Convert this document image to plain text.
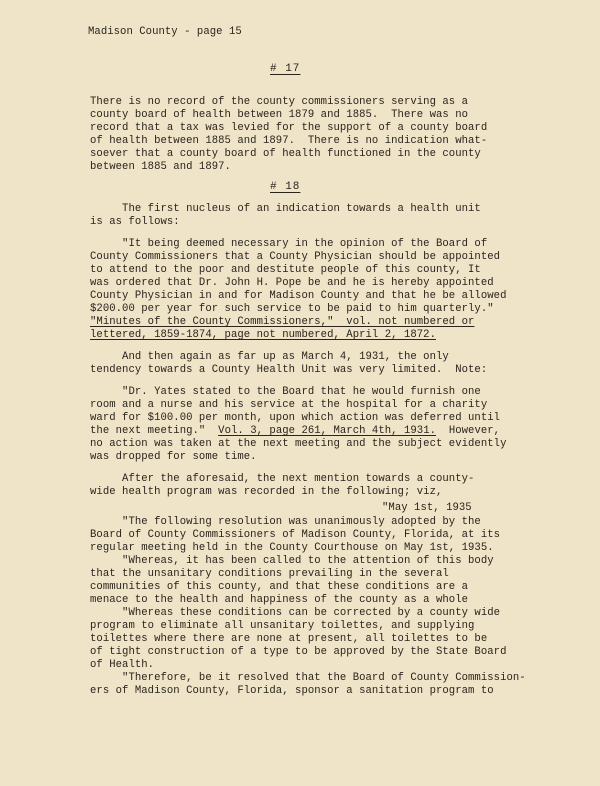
Madison County - page 15
# 17
There is no record of the county commissioners serving as a
county board of health between 1879 and 1885.  There was no
record that a tax was levied for the support of a county board
of health between 1885 and 1897.  There is no indication what-
soever that a county board of health functioned in the county
between 1885 and 1897.
# 18
The first nucleus of an indication towards a health unit
is as follows:
"It being deemed necessary in the opinion of the Board of
County Commissioners that a County Physician should be appointed
to attend to the poor and destitute people of this county, It
was ordered that Dr. John H. Pope be and he is hereby appointed
County Physician in and for Madison County and that he be allowed
$200.00 per year for such service to be paid to him quarterly."
"Minutes of the County Commissioners,"  vol. not numbered or
lettered, 1859-1874, page not numbered, April 2, 1872.
And then again as far up as March 4, 1931, the only
tendency towards a County Health Unit was very limited.  Note:
"Dr. Yates stated to the Board that he would furnish one
room and a nurse and his service at the hospital for a charity
ward for $100.00 per month, upon which action was deferred until
the next meeting."  Vol. 3, page 261, March 4th, 1931.  However,
no action was taken at the next meeting and the subject evidently
was dropped for some time.
After the aforesaid, the next mention towards a county-
wide health program was recorded in the following; viz,
"May 1st, 1935
"The following resolution was unanimously adopted by the
Board of County Commissioners of Madison County, Florida, at its
regular meeting held in the County Courthouse on May 1st, 1935.
"Whereas, it has been called to the attention of this body
that the unsanitary conditions prevailing in the several
communities of this county, and that these conditions are a
menace to the health and happiness of the county as a whole
"Whereas these conditions can be corrected by a county wide
program to eliminate all unsanitary toilettes, and supplying
toilettes where there are none at present, all toilettes to be
of tight construction of a type to be approved by the State Board
of Health.
"Therefore, be it resolved that the Board of County Commission-
ers of Madison County, Florida, sponsor a sanitation program to
